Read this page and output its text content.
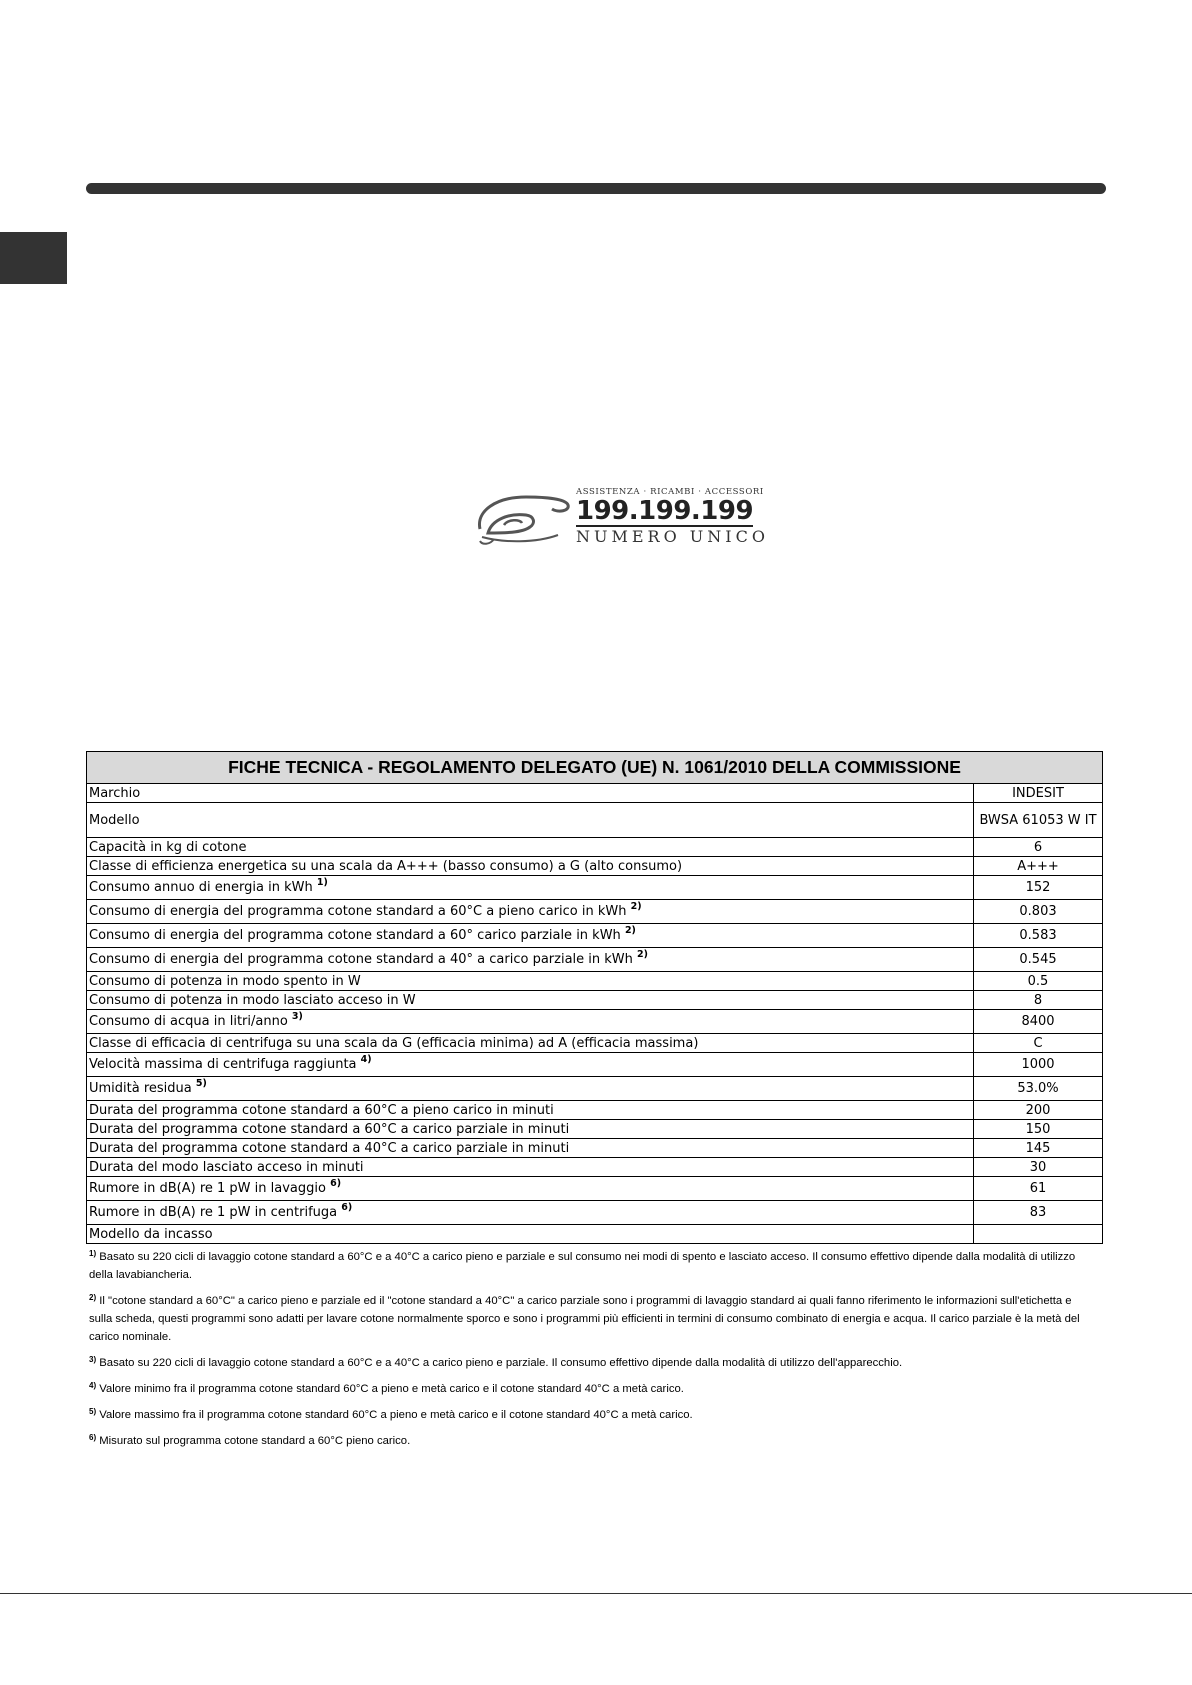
ASSISTENZA · RICAMBI · ACCESSORI
199.199.199
NUMERO UNICO
FICHE TECNICA - REGOLAMENTO DELEGATO (UE) N. 1061/2010 DELLA COMMISSIONE	
Marchio	INDESIT
Modello	BWSA 61053 W IT
Capacità in kg di cotone	6
Classe di efficienza energetica su una scala da A+++ (basso consumo) a G (alto consumo)	A+++
Consumo annuo di energia in kWh $^{1)}$	152
Consumo di energia del programma cotone standard a 60°C a pieno carico in kWh $^{2)}$	0.803
Consumo di energia del programma cotone standard a 60° carico parziale in kWh $^{2)}$	0.583
Consumo di energia del programma cotone standard a 40° a carico parziale in kWh $^{2)}$	0.545
Consumo di potenza in modo spento in W	0.5
Consumo di potenza in modo lasciato acceso in W	8
Consumo di acqua in litri/anno $^{3)}$	8400
Classe di efficacia di centrifuga su una scala da G (efficacia minima) ad A (efficacia massima)	C
Velocità massima di centrifuga raggiunta $^{4)}$	1000
Umidità residua $^{5)}$	53.0%
Durata del programma cotone standard a 60°C a pieno carico in minuti	200
Durata del programma cotone standard a 60°C a carico parziale in minuti	150
Durata del programma cotone standard a 40°C a carico parziale in minuti	145
Durata del modo lasciato acceso in minuti	30
Rumore in dB(A) re 1 pW in lavaggio $^{6)}$	61
Rumore in dB(A) re 1 pW in centrifuga $^{6)}$	83
Modello da incasso	

$^{1)}$ Basato su 220 cicli di lavaggio cotone standard a 60°C e a 40°C a carico pieno e parziale e sul consumo nei modi di spento e lasciato acceso. Il consumo effettivo dipende dalla modalità di utilizzo della lavabiancheria.

$^{2)}$ Il "cotone standard a 60°C" a carico pieno e parziale ed il "cotone standard a 40°C" a carico parziale sono i programmi di lavaggio standard ai quali fanno riferimento le informazioni sull'etichetta e sulla scheda, questi programmi sono adatti per lavare cotone normalmente sporco e sono i programmi più efficienti in termini di consumo combinato di energia e acqua. Il carico parziale è la metà del carico nominale.

$^{3)}$ Basato su 220 cicli di lavaggio cotone standard a 60°C e a 40°C a carico pieno e parziale. Il consumo effettivo dipende dalla modalità di utilizzo dell'apparecchio.

$^{4)}$ Valore minimo fra il programma cotone standard 60°C a pieno e metà carico e il cotone standard 40°C a metà carico.

$^{5)}$ Valore massimo fra il programma cotone standard 60°C a pieno e metà carico e il cotone standard 40°C a metà carico.

$^{6)}$ Misurato sul programma cotone standard a 60°C pieno carico.
